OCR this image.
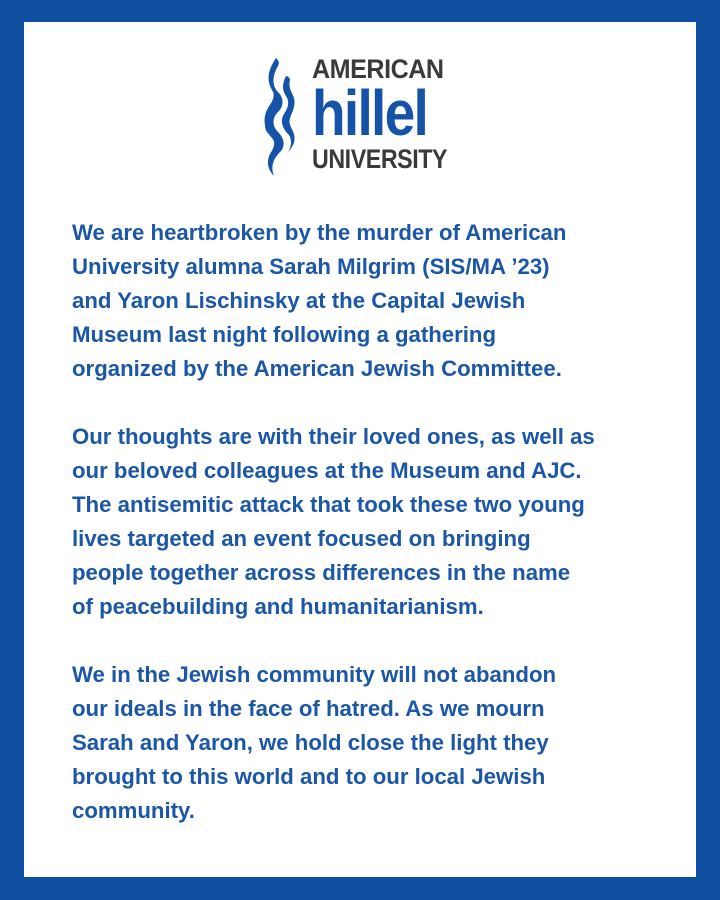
AMERICAN
hillel
UNIVERSITY

We are heartbroken by the murder of American
University alumna Sarah Milgrim (SIS/MA ’23)
and Yaron Lischinsky at the Capital Jewish
Museum last night following a gathering
organized by the American Jewish Committee.

Our thoughts are with their loved ones, as well as
our beloved colleagues at the Museum and AJC.
The antisemitic attack that took these two young
lives targeted an event focused on bringing
people together across differences in the name
of peacebuilding and humanitarianism.

We in the Jewish community will not abandon
our ideals in the face of hatred. As we mourn
Sarah and Yaron, we hold close the light they
brought to this world and to our local Jewish
community.
